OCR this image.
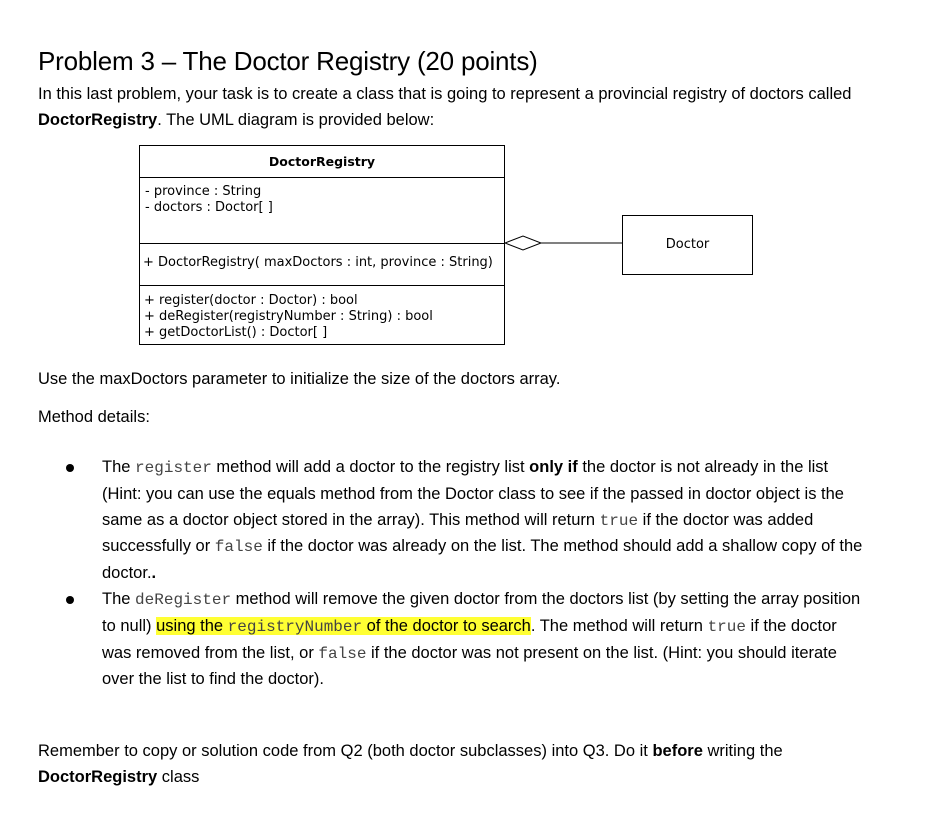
Problem 3 – The Doctor Registry (20 points)
In this last problem, your task is to create a class that is going to represent a provincial registry of doctors called DoctorRegistry. The UML diagram is provided below:
DoctorRegistry
- province : String
- doctors : Doctor[ ]
+ DoctorRegistry( maxDoctors : int, province : String)
+ register(doctor : Doctor) : bool
+ deRegister(registryNumber : String) : bool
+ getDoctorList() : Doctor[ ]
Doctor
Use the maxDoctors parameter to initialize the size of the doctors array.
Method details:
The register method will add a doctor to the registry list only if the doctor is not already in the list (Hint: you can use the equals method from the Doctor class to see if the passed in doctor object is the same as a doctor object stored in the array). This method will return true if the doctor was added successfully or false if the doctor was already on the list. The method should add a shallow copy of the doctor..
The deRegister method will remove the given doctor from the doctors list (by setting the array position to null) using the registryNumber of the doctor to search. The method will return true if the doctor was removed from the list, or false if the doctor was not present on the list. (Hint: you should iterate over the list to find the doctor).
Remember to copy or solution code from Q2 (both doctor subclasses) into Q3. Do it before writing the DoctorRegistry class
